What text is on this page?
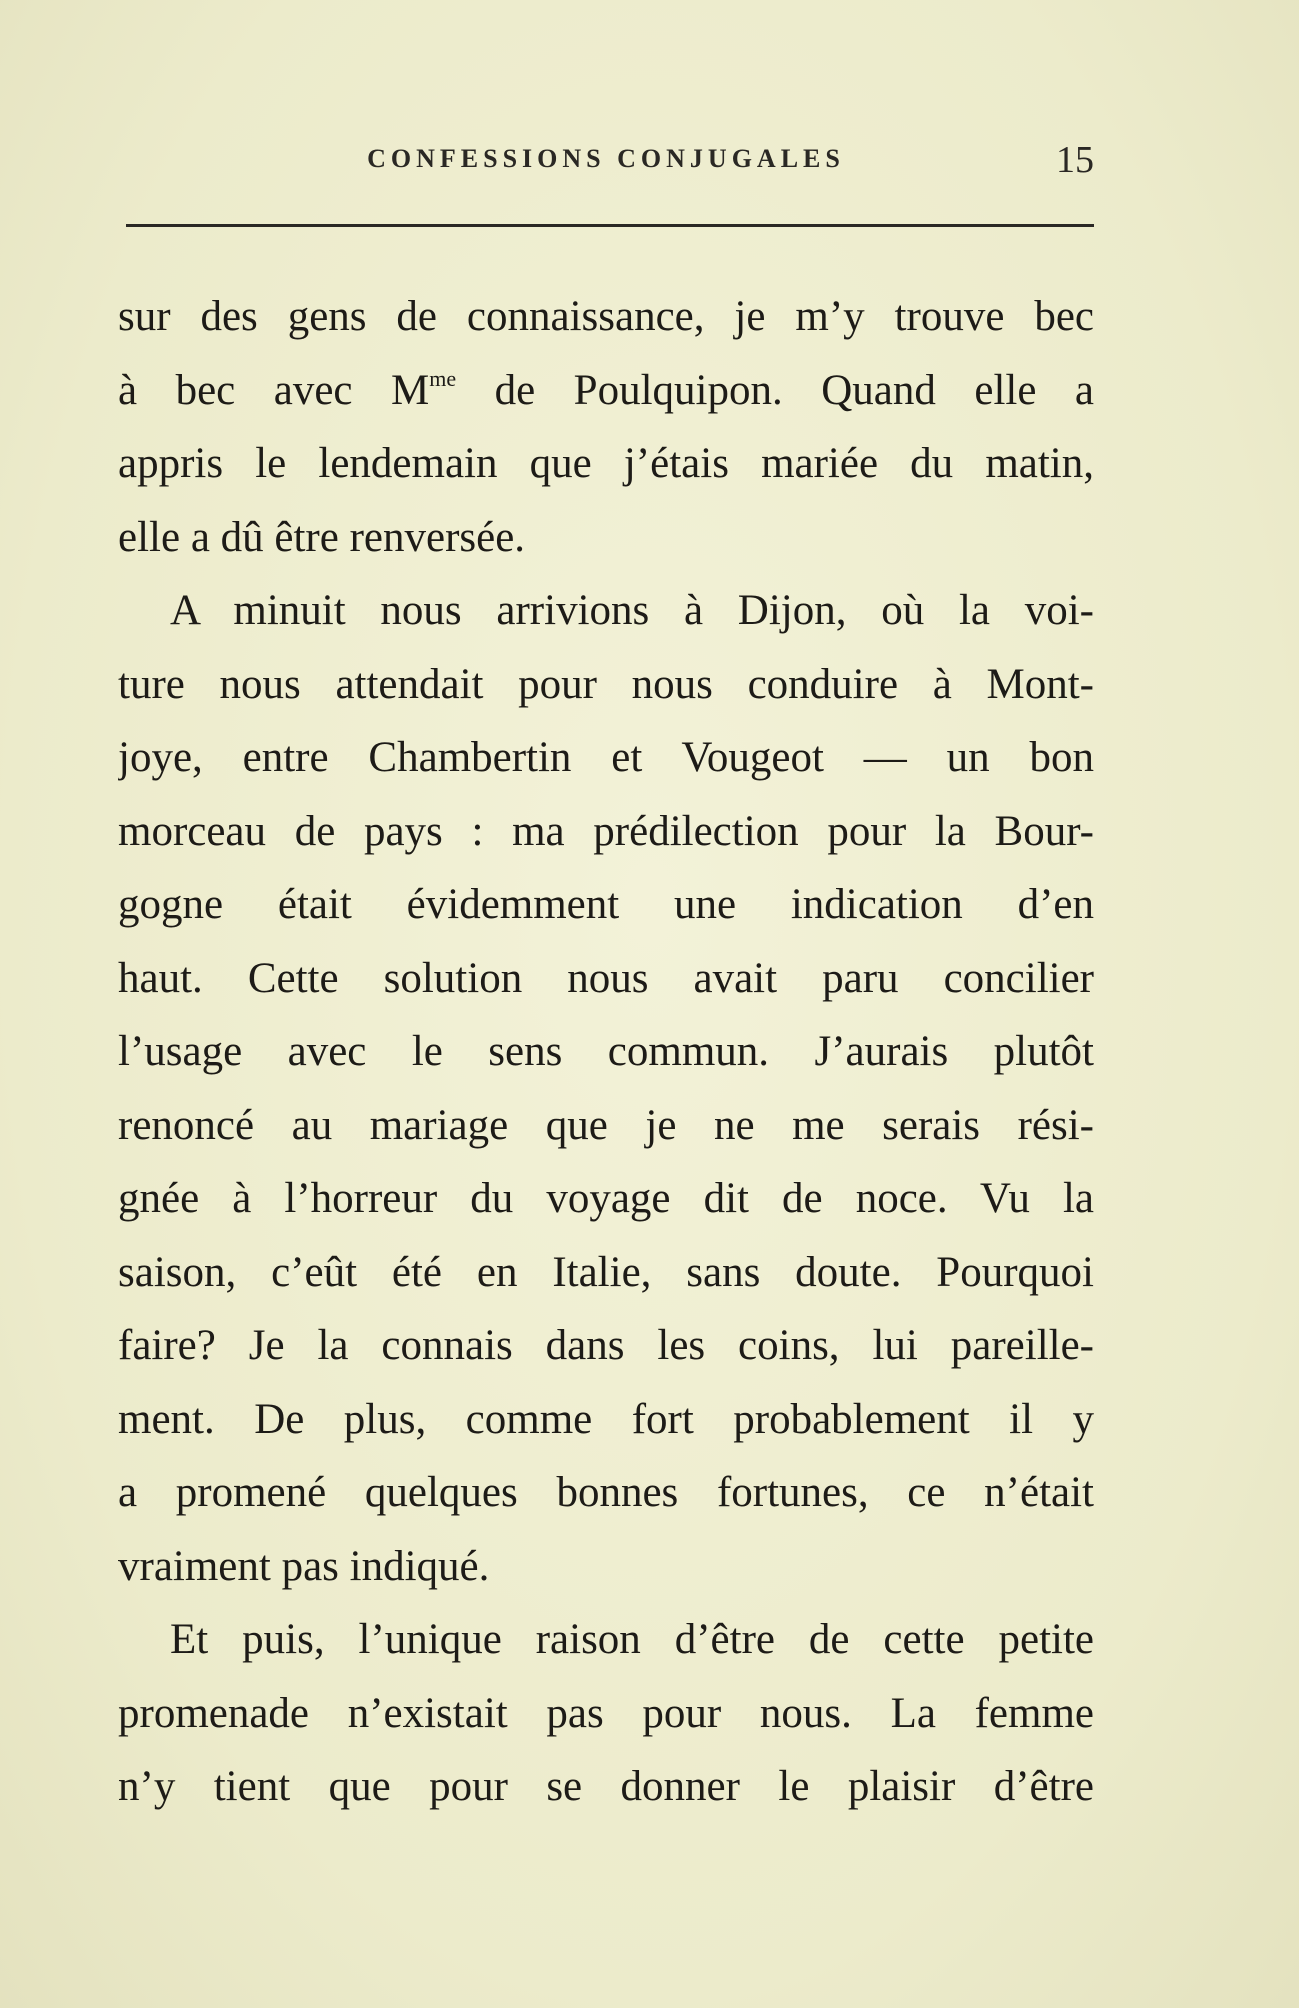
CONFESSIONS CONJUGALES	15
sur des gens de connaissance, je m’y trouve bec
à bec avec $M^{me}$ de Poulquipon. Quand elle a
appris le lendemain que j’étais mariée du matin,
elle a dû être renversée.
A minuit nous arrivions à Dijon, où la voi-
ture nous attendait pour nous conduire à Mont-
joye, entre Chambertin et Vougeot — un bon
morceau de pays : ma prédilection pour la Bour-
gogne était évidemment une indication d’en
haut. Cette solution nous avait paru concilier
l’usage avec le sens commun. J’aurais plutôt
renoncé au mariage que je ne me serais rési-
gnée à l’horreur du voyage dit de noce. Vu la
saison, c’eût été en Italie, sans doute. Pourquoi
faire? Je la connais dans les coins, lui pareille-
ment. De plus, comme fort probablement il y
a promené quelques bonnes fortunes, ce n’était
vraiment pas indiqué.
Et puis, l’unique raison d’être de cette petite
promenade n’existait pas pour nous. La femme
n’y tient que pour se donner le plaisir d’être
